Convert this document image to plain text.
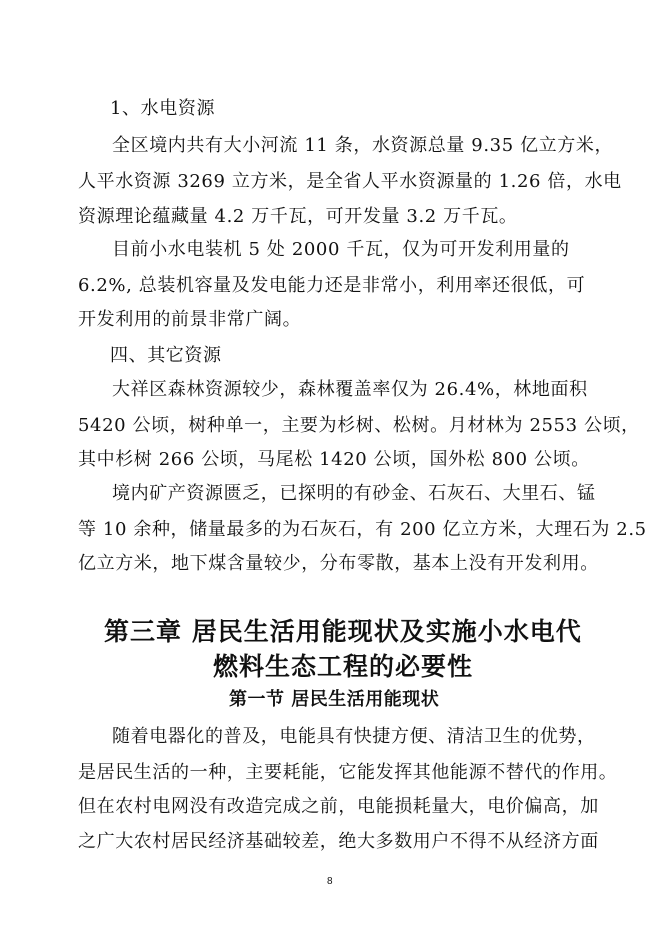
1、水电资源
全区境内共有大小河流 11 条，水资源总量 9.35 亿立方米，
人平水资源 3269 立方米，是全省人平水资源量的 1.26 倍，水电
资源理论蕴藏量 4.2 万千瓦，可开发量 3.2 万千瓦。
目前小水电装机 5 处 2000 千瓦，仅为可开发利用量的
6.2%, 总装机容量及发电能力还是非常小，利用率还很低，可
开发利用的前景非常广阔。
四、其它资源
大祥区森林资源较少，森林覆盖率仅为 26.4%，林地面积
5420 公顷，树种单一，主要为杉树、松树。月材林为 2553 公顷，
其中杉树 266 公顷，马尾松 1420 公顷，国外松 800 公顷。
境内矿产资源匮乏，已探明的有砂金、石灰石、大里石、锰
等 10 余种，储量最多的为石灰石，有 200 亿立方米，大理石为 2.5
亿立方米，地下煤含量较少，分布零散，基本上没有开发利用。
第三章 居民生活用能现状及实施小水电代
燃料生态工程的必要性
第一节 居民生活用能现状
随着电器化的普及，电能具有快捷方便、清洁卫生的优势，
是居民生活的一种，主要耗能，它能发挥其他能源不替代的作用。
但在农村电网没有改造完成之前，电能损耗量大，电价偏高，加
之广大农村居民经济基础较差，绝大多数用户不得不从经济方面
8
